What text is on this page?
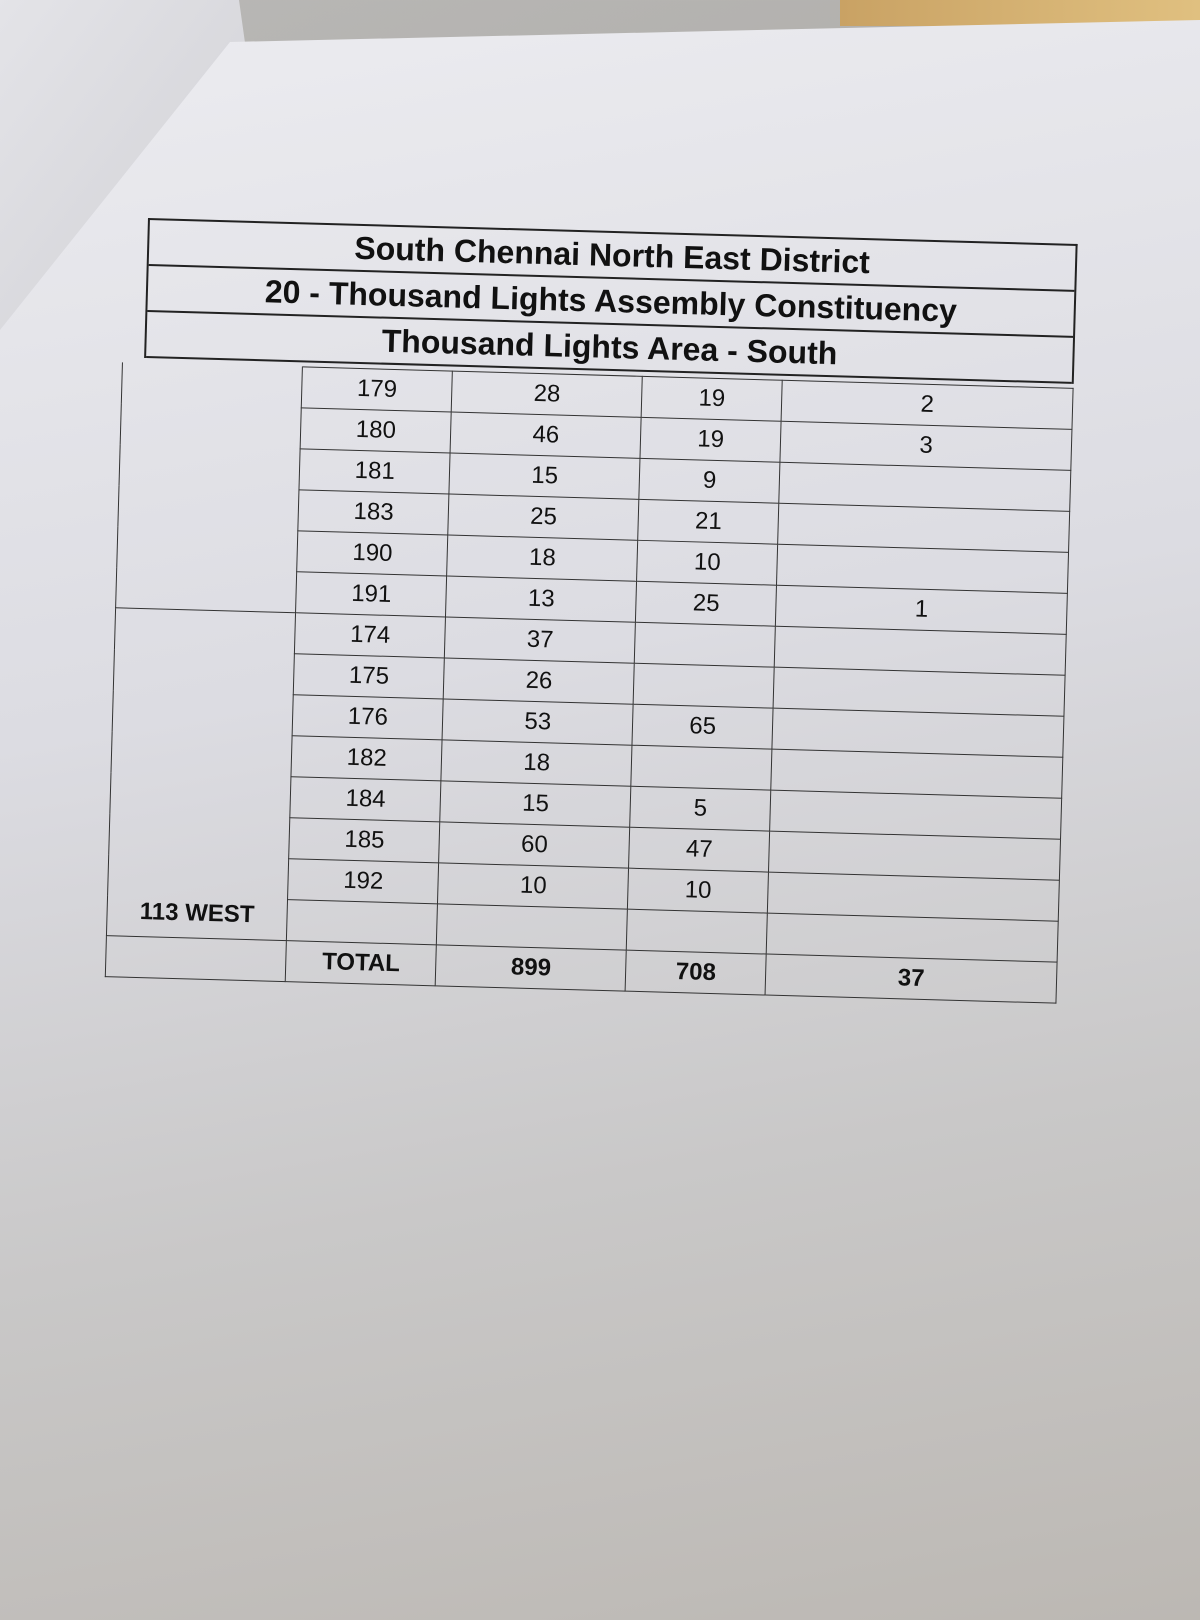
South Chennai North East District
20 - Thousand Lights Assembly Constituency
Thousand Lights Area - South
	179	28	19	2
	180	46	19	3
	181	15	9	
	183	25	21	
	190	18	10	
	191	13	25	1
113 WEST	174	37		
	175	26		
	176	53	65	
	182	18		
	184	15	5	
	185	60	47	
	192	10	10	

	TOTAL	899	708	37
